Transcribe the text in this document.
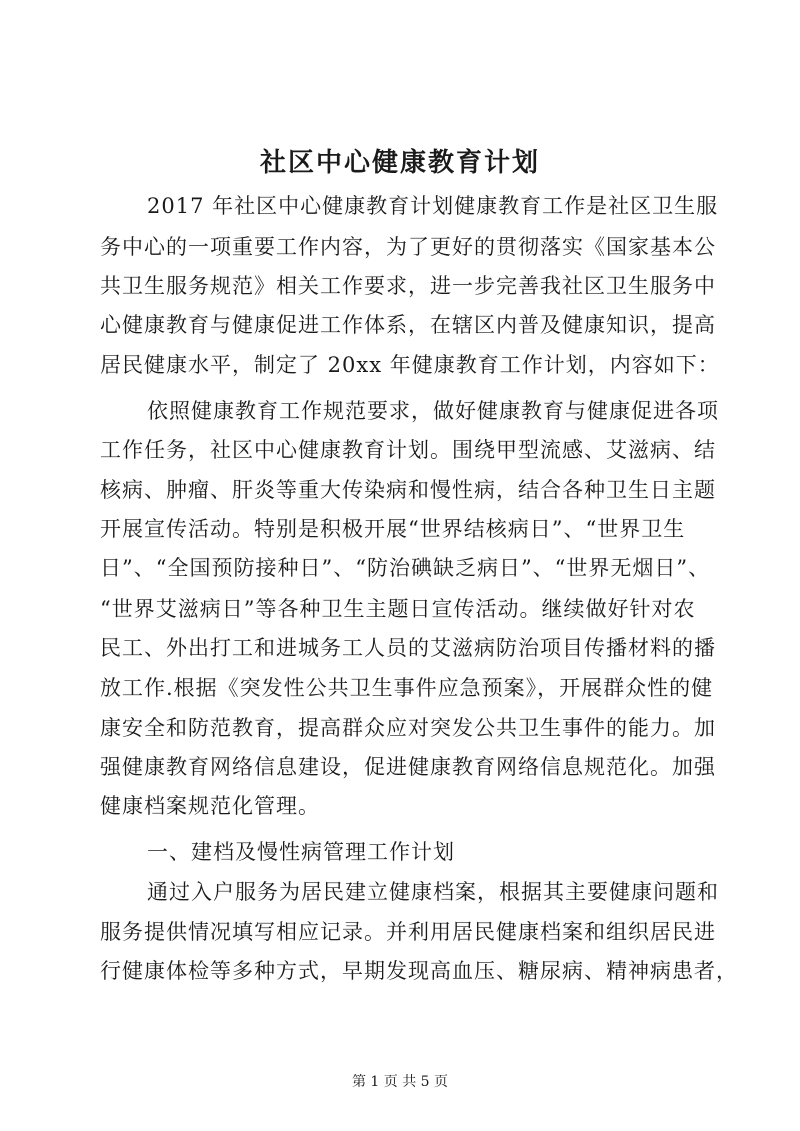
社区中心健康教育计划
2017 年社区中心健康教育计划健康教育工作是社区卫生服
务中心的一项重要工作内容，为了更好的贯彻落实《国家基本公
共卫生服务规范》相关工作要求，进一步完善我社区卫生服务中
心健康教育与健康促进工作体系，在辖区内普及健康知识，提高
居民健康水平，制定了 20xx 年健康教育工作计划，内容如下：
依照健康教育工作规范要求，做好健康教育与健康促进各项
工作任务，社区中心健康教育计划。围绕甲型流感、艾滋病、结
核病、肿瘤、肝炎等重大传染病和慢性病，结合各种卫生日主题
开展宣传活动。特别是积极开展“世界结核病日”、“世界卫生
日”、“全国预防接种日”、“防治碘缺乏病日”、“世界无烟日”、
“世界艾滋病日”等各种卫生主题日宣传活动。继续做好针对农
民工、外出打工和进城务工人员的艾滋病防治项目传播材料的播
放工作.根据《突发性公共卫生事件应急预案》，开展群众性的健
康安全和防范教育，提高群众应对突发公共卫生事件的能力。加
强健康教育网络信息建设，促进健康教育网络信息规范化。加强
健康档案规范化管理。
一、建档及慢性病管理工作计划
通过入户服务为居民建立健康档案，根据其主要健康问题和
服务提供情况填写相应记录。并利用居民健康档案和组织居民进
行健康体检等多种方式，早期发现高血压、糖尿病、精神病患者，
第 1 页 共 5 页
